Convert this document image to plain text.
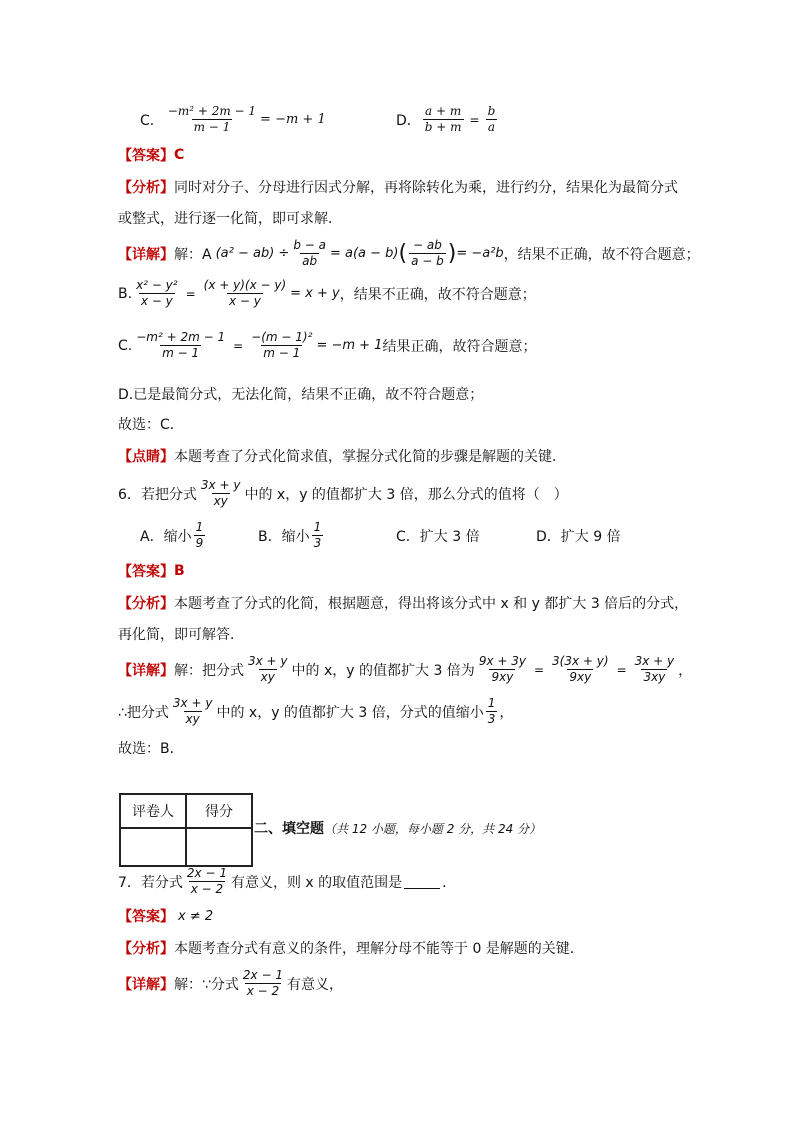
C． $\frac{\text{−m² + 2m − 1}}{m - 1} = -m + 1$	D． $\frac{a + m}{b + m} = \frac{b}{a}$
【答案】 C
【分析】 同时对分子、分母进行因式分解，再将除转化为乘，进行约分，结果化为最简分式
或整式，进行逐一化简，即可求解．
【详解】 解：A $(a^2 - ab) \div \frac{b - a}{ab} = a(a - b)$ ( $\frac{- ab}{a - b}$ ) = −a²b ，结果不正确，故不符合题意；
B. $\frac{\text{x² − y²}}{x - y} = \frac{(x + y)(x - y)}{x - y} = x + y$ ，结果不正确，故不符合题意；
C. $\frac{\text{−m² + 2m − 1}}{m - 1} = \frac{\text{−(m − 1)²}}{m - 1} = -m + 1$ 结果正确，故符合题意；
D.已是最简分式，无法化简，结果不正确，故不符合题意；
故选：C．
【点睛】 本题考查了分式化简求值，掌握分式化简的步骤是解题的关键．
6．若把分式 $\frac{3x + y}{xy}$ 中的 x，y 的值都扩大 3 倍，那么分式的值将（　）
A．缩小 $\frac{1}{9}$	B．缩小 $\frac{1}{3}$	C．扩大 3 倍	D．扩大 9 倍
【答案】 B
【分析】 本题考查了分式的化简，根据题意，得出将该分式中 x 和 y 都扩大 3 倍后的分式，
再化简，即可解答．
【详解】 解：把分式 $\frac{3x + y}{xy}$ 中的 x，y 的值都扩大 3 倍为 $\frac{9x + 3y}{9xy} = \frac{3(3x + y)}{9xy} = \frac{3x + y}{3xy}$ ，
∴把分式 $\frac{3x + y}{xy}$ 中的 x，y 的值都扩大 3 倍，分式的值缩小 $\frac{1}{3}$ ，
故选：B．
评卷人	得分

二、填空题（共 12 小题，每小题 2 分，共 24 分）
7．若分式 $\frac{2x - 1}{x - 2}$ 有意义，则 x 的取值范围是	．
【答案】 x ≠ 2
【分析】 本题考查分式有意义的条件，理解分母不能等于 0 是解题的关键．
【详解】 解：∵分式 $\frac{2x - 1}{x - 2}$ 有意义，
